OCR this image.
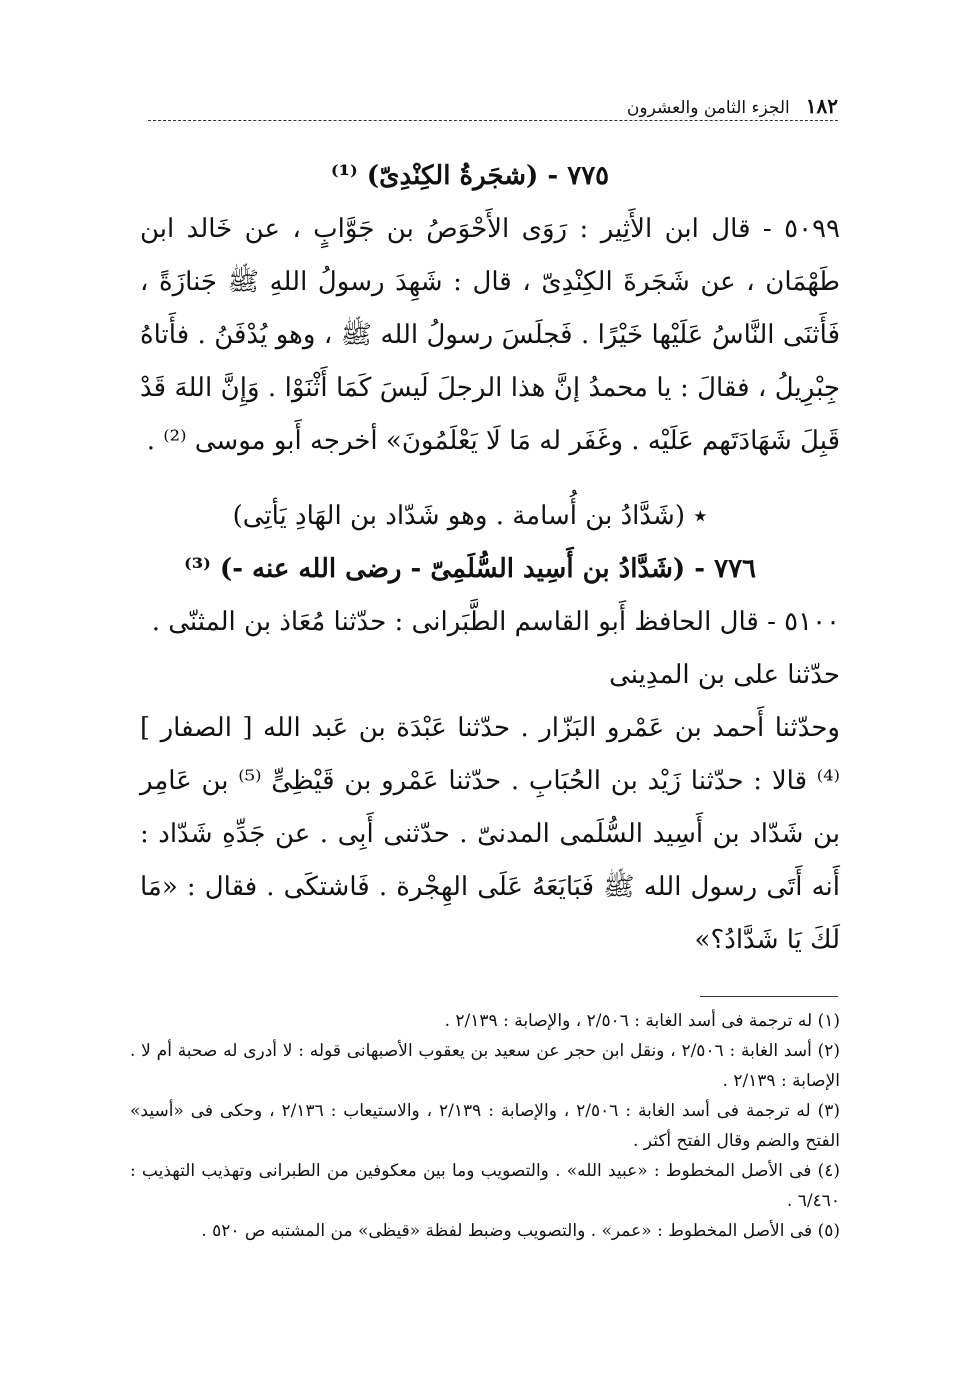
١٨٢
الجزء الثامن والعشرون

٧٧٥ - (شجَرةُ الكِنْدِىّ) ⁽¹⁾

٥٠٩٩ - قال ابن الأَثِير : رَوَى الأَحْوَصُ بن جَوَّابٍ ، عن خَالد ابن طَهْمَان ، عن شَجَرةَ الكِنْدِىّ ، قال : شَهِدَ رسولُ اللهِ ﷺ جَنازَةً ، فَأَثنَى النَّاسُ عَلَيْها خَيْرًا . فَجلَسَ رسولُ الله ﷺ ، وهو يُدْفَنُ . فأَتاهُ جِبْرِيلُ ، فقالَ : يا محمدُ إنَّ هذا الرجلَ لَيسَ كَمَا أَثْنَوْا . وَإِنَّ اللهَ قَدْ قَبِلَ شَهَادَتَهم عَلَيْه . وغَفَر له مَا لَا يَعْلَمُونَ» أخرجه أَبو موسى ⁽²⁾ .

٭ (شَدَّادُ بن أُسامة . وهو شَدّاد بن الهَادِ يَأتِى)

٧٧٦ - (شَدَّادُ بن أَسِيد السُّلَمِىّ - رضى الله عنه -) ⁽³⁾

٥١٠٠ - قال الحافظ أَبو القاسم الطَّبَرانى : حدّثنا مُعَاذ بن المثنّى .

حدّثنا على بن المدِينى

وحدّثنا أَحمد بن عَمْرو البَزّار . حدّثنا عَبْدَة بن عَبد الله [ الصفار ] ⁽⁴⁾ قالا : حدّثنا زَيْد بن الحُبَابِ . حدّثنا عَمْرو بن قَيْظِىٍّ ⁽⁵⁾ بن عَامِر بن شَدّاد بن أَسِيد السُّلَمى المدنىّ . حدّثنى أَبِى . عن جَدِّهِ شَدّاد : أَنه أَتَى رسول الله ﷺ فَبَايَعَهُ عَلَى الهِجْرة . فَاشتكَى . فقال : «مَا لَكَ يَا شَدَّادُ؟»

(١) له ترجمة فى أسد الغابة : ٢/٥٠٦ ، والإصابة : ٢/١٣٩ .

(٢) أسد الغابة : ٢/٥٠٦ ، ونقل ابن حجر عن سعيد بن يعقوب الأصبهانى قوله : لا أدرى له صحبة أم لا . الإصابة : ٢/١٣٩ .

(٣) له ترجمة فى أسد الغابة : ٢/٥٠٦ ، والإصابة : ٢/١٣٩ ، والاستيعاب : ٢/١٣٦ ، وحكى فى «أسيد» الفتح والضم وقال الفتح أكثر .

(٤) فى الأصل المخطوط : «عبيد الله» . والتصويب وما بين معكوفين من الطبرانى وتهذيب التهذيب : ٦/٤٦٠ .

(٥) فى الأصل المخطوط : «عمر» . والتصويب وضبط لفظة «قيظى» من المشتبه ص ٥٢٠ .
